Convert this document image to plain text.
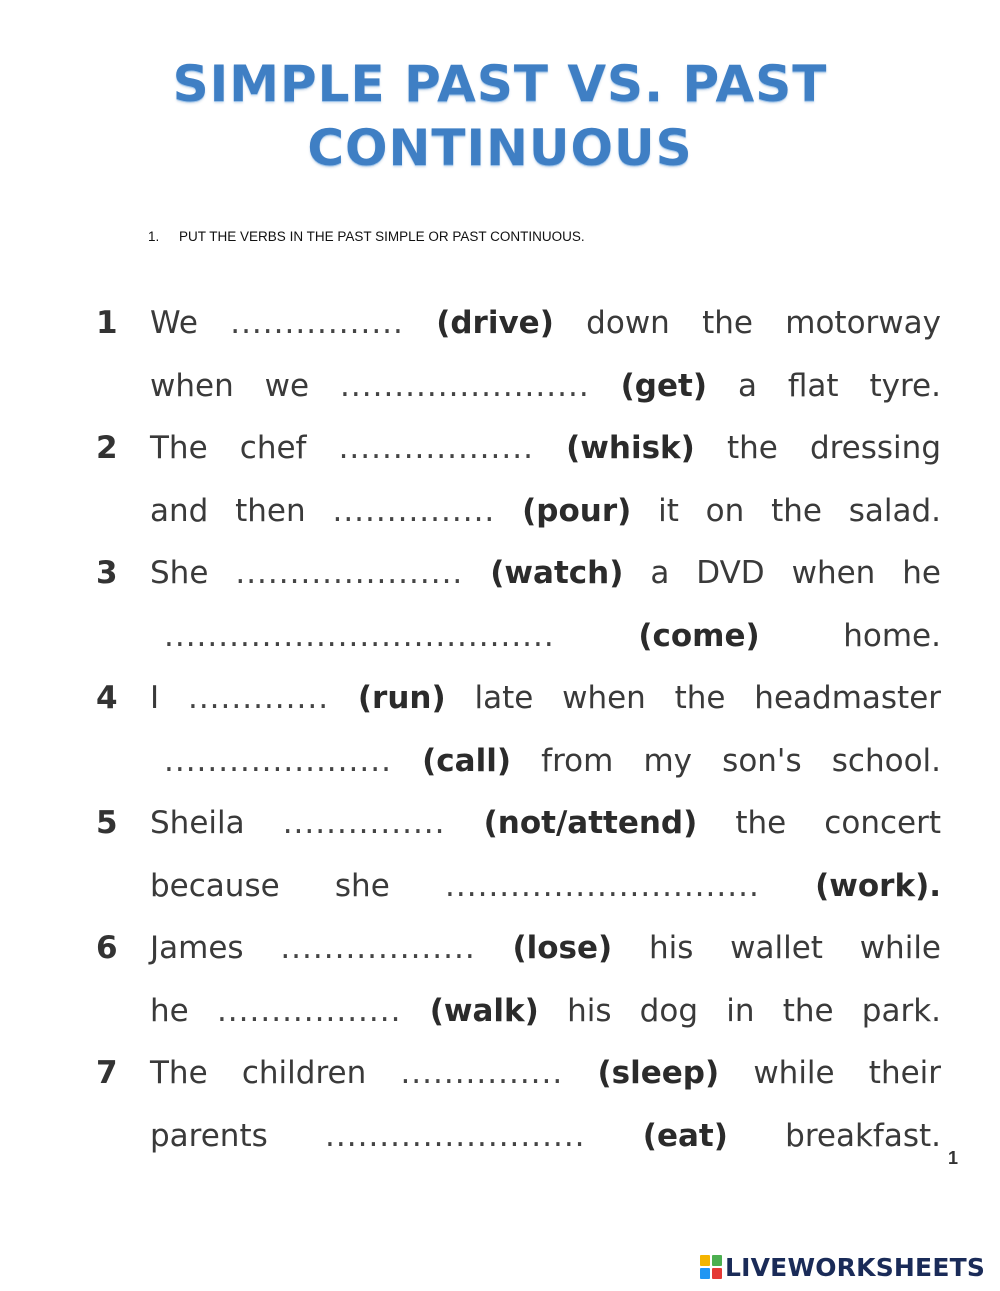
SIMPLE PAST VS. PAST
CONTINUOUS
1. PUT THE VERBS IN THE PAST SIMPLE OR PAST CONTINUOUS.
1	We ................ (drive) down the motorway
when we ....................... (get) a flat tyre.
2	The chef .................. (whisk) the dressing
and then ............... (pour) it on the salad.
3	She ..................... (watch) a DVD when he
....................................	(come)	home.
4	I ............. (run) late when the headmaster
..................... (call) from my son's school.
5	Sheila ............... (not/attend) the concert
because she ............................. (work).
6	James .................. (lose) his wallet while
he ................. (walk) his dog in the park.
7	The children ............... (sleep) while their
parents ........................ (eat) breakfast.
1
LIVEWORKSHEETS
